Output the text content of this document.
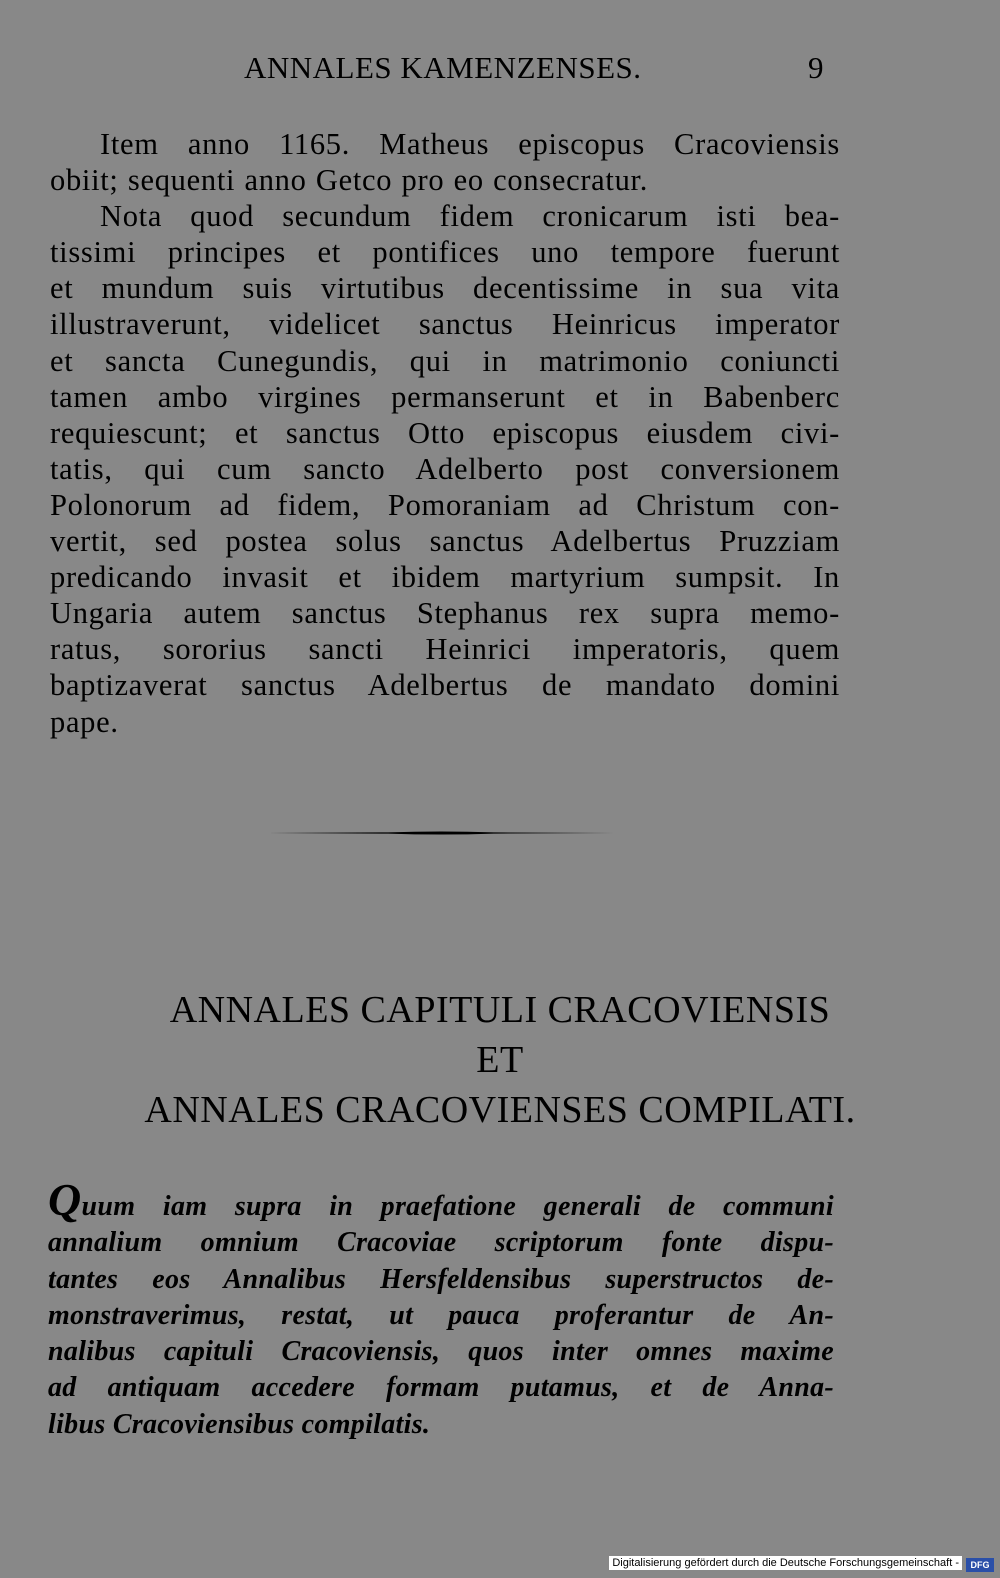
ANNALES KAMENZENSES.	9
Item anno 1165. Matheus episcopus Cracoviensis
obiit; sequenti anno Getco pro eo consecratur.
Nota quod secundum fidem cronicarum isti bea-
tissimi principes et pontifices uno tempore fuerunt
et mundum suis virtutibus decentissime in sua vita
illustraverunt, videlicet sanctus Heinricus imperator
et sancta Cunegundis, qui in matrimonio coniuncti
tamen ambo virgines permanserunt et in Babenberc
requiescunt; et sanctus Otto episcopus eiusdem civi-
tatis, qui cum sancto Adelberto post conversionem
Polonorum ad fidem, Pomoraniam ad Christum con-
vertit, sed postea solus sanctus Adelbertus Pruzziam
predicando invasit et ibidem martyrium sumpsit. In
Ungaria autem sanctus Stephanus rex supra memo-
ratus, sororius sancti Heinrici imperatoris, quem
baptizaverat sanctus Adelbertus de mandato domini
pape.
ANNALES CAPITULI CRACOVIENSIS
ET
ANNALES CRACOVIENSES COMPILATI.
Quum iam supra in praefatione generali de communi
annalium omnium Cracoviae scriptorum fonte dispu-
tantes eos Annalibus Hersfeldensibus superstructos de-
monstraverimus, restat, ut pauca proferantur de An-
nalibus capituli Cracoviensis, quos inter omnes maxime
ad antiquam accedere formam putamus, et de Anna-
libus Cracoviensibus compilatis.
Digitalisierung gefördert durch die Deutsche Forschungsgemeinschaft -	DFG
